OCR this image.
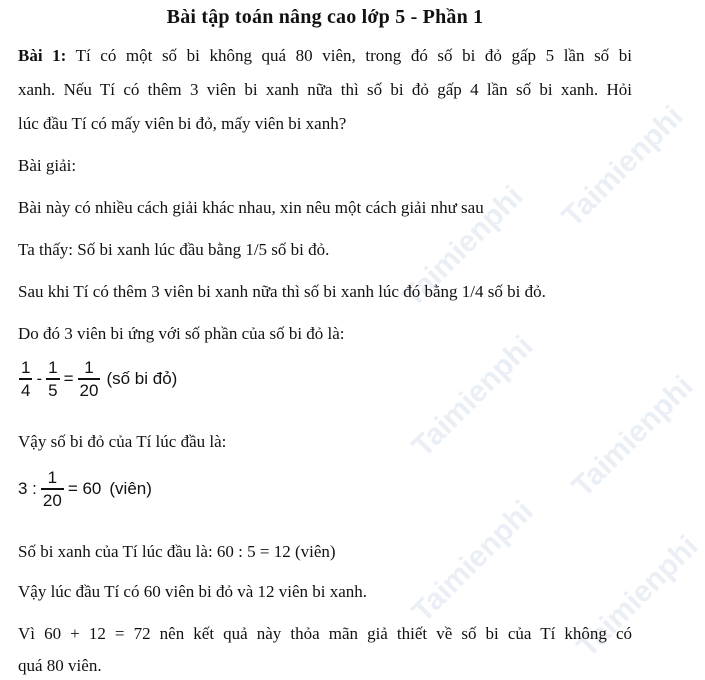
Taimienphi
Taimienphi
Taimienphi Taimienphi
Taimienphi Taimienphi
Bài tập toán nâng cao lớp 5 - Phần 1
Bài 1: Tí có một số bi không quá 80 viên, trong đó số bi đỏ gấp 5 lần số bi
xanh. Nếu Tí có thêm 3 viên bi xanh nữa thì số bi đỏ gấp 4 lần số bi xanh. Hỏi
lúc đầu Tí có mấy viên bi đỏ, mấy viên bi xanh?
Bài giải:
Bài này có nhiều cách giải khác nhau, xin nêu một cách giải như sau
Ta thấy: Số bi xanh lúc đầu bằng 1/5 số bi đỏ.
Sau khi Tí có thêm 3 viên bi xanh nữa thì số bi xanh lúc đó bằng 1/4 số bi đỏ.
Do đó 3 viên bi ứng với số phần của số bi đỏ là:
$\frac{1}{4} - \frac{1}{5} = \frac{1}{20}$ (số bi đỏ)
Vậy số bi đỏ của Tí lúc đầu là:
3 : $\frac{1}{20} = 60$ (viên)
Số bi xanh của Tí lúc đầu là: 60 : 5 = 12 (viên)
Vậy lúc đầu Tí có 60 viên bi đỏ và 12 viên bi xanh.
Vì 60 + 12 = 72 nên kết quả này thỏa mãn giả thiết về số bi của Tí không có
quá 80 viên.
